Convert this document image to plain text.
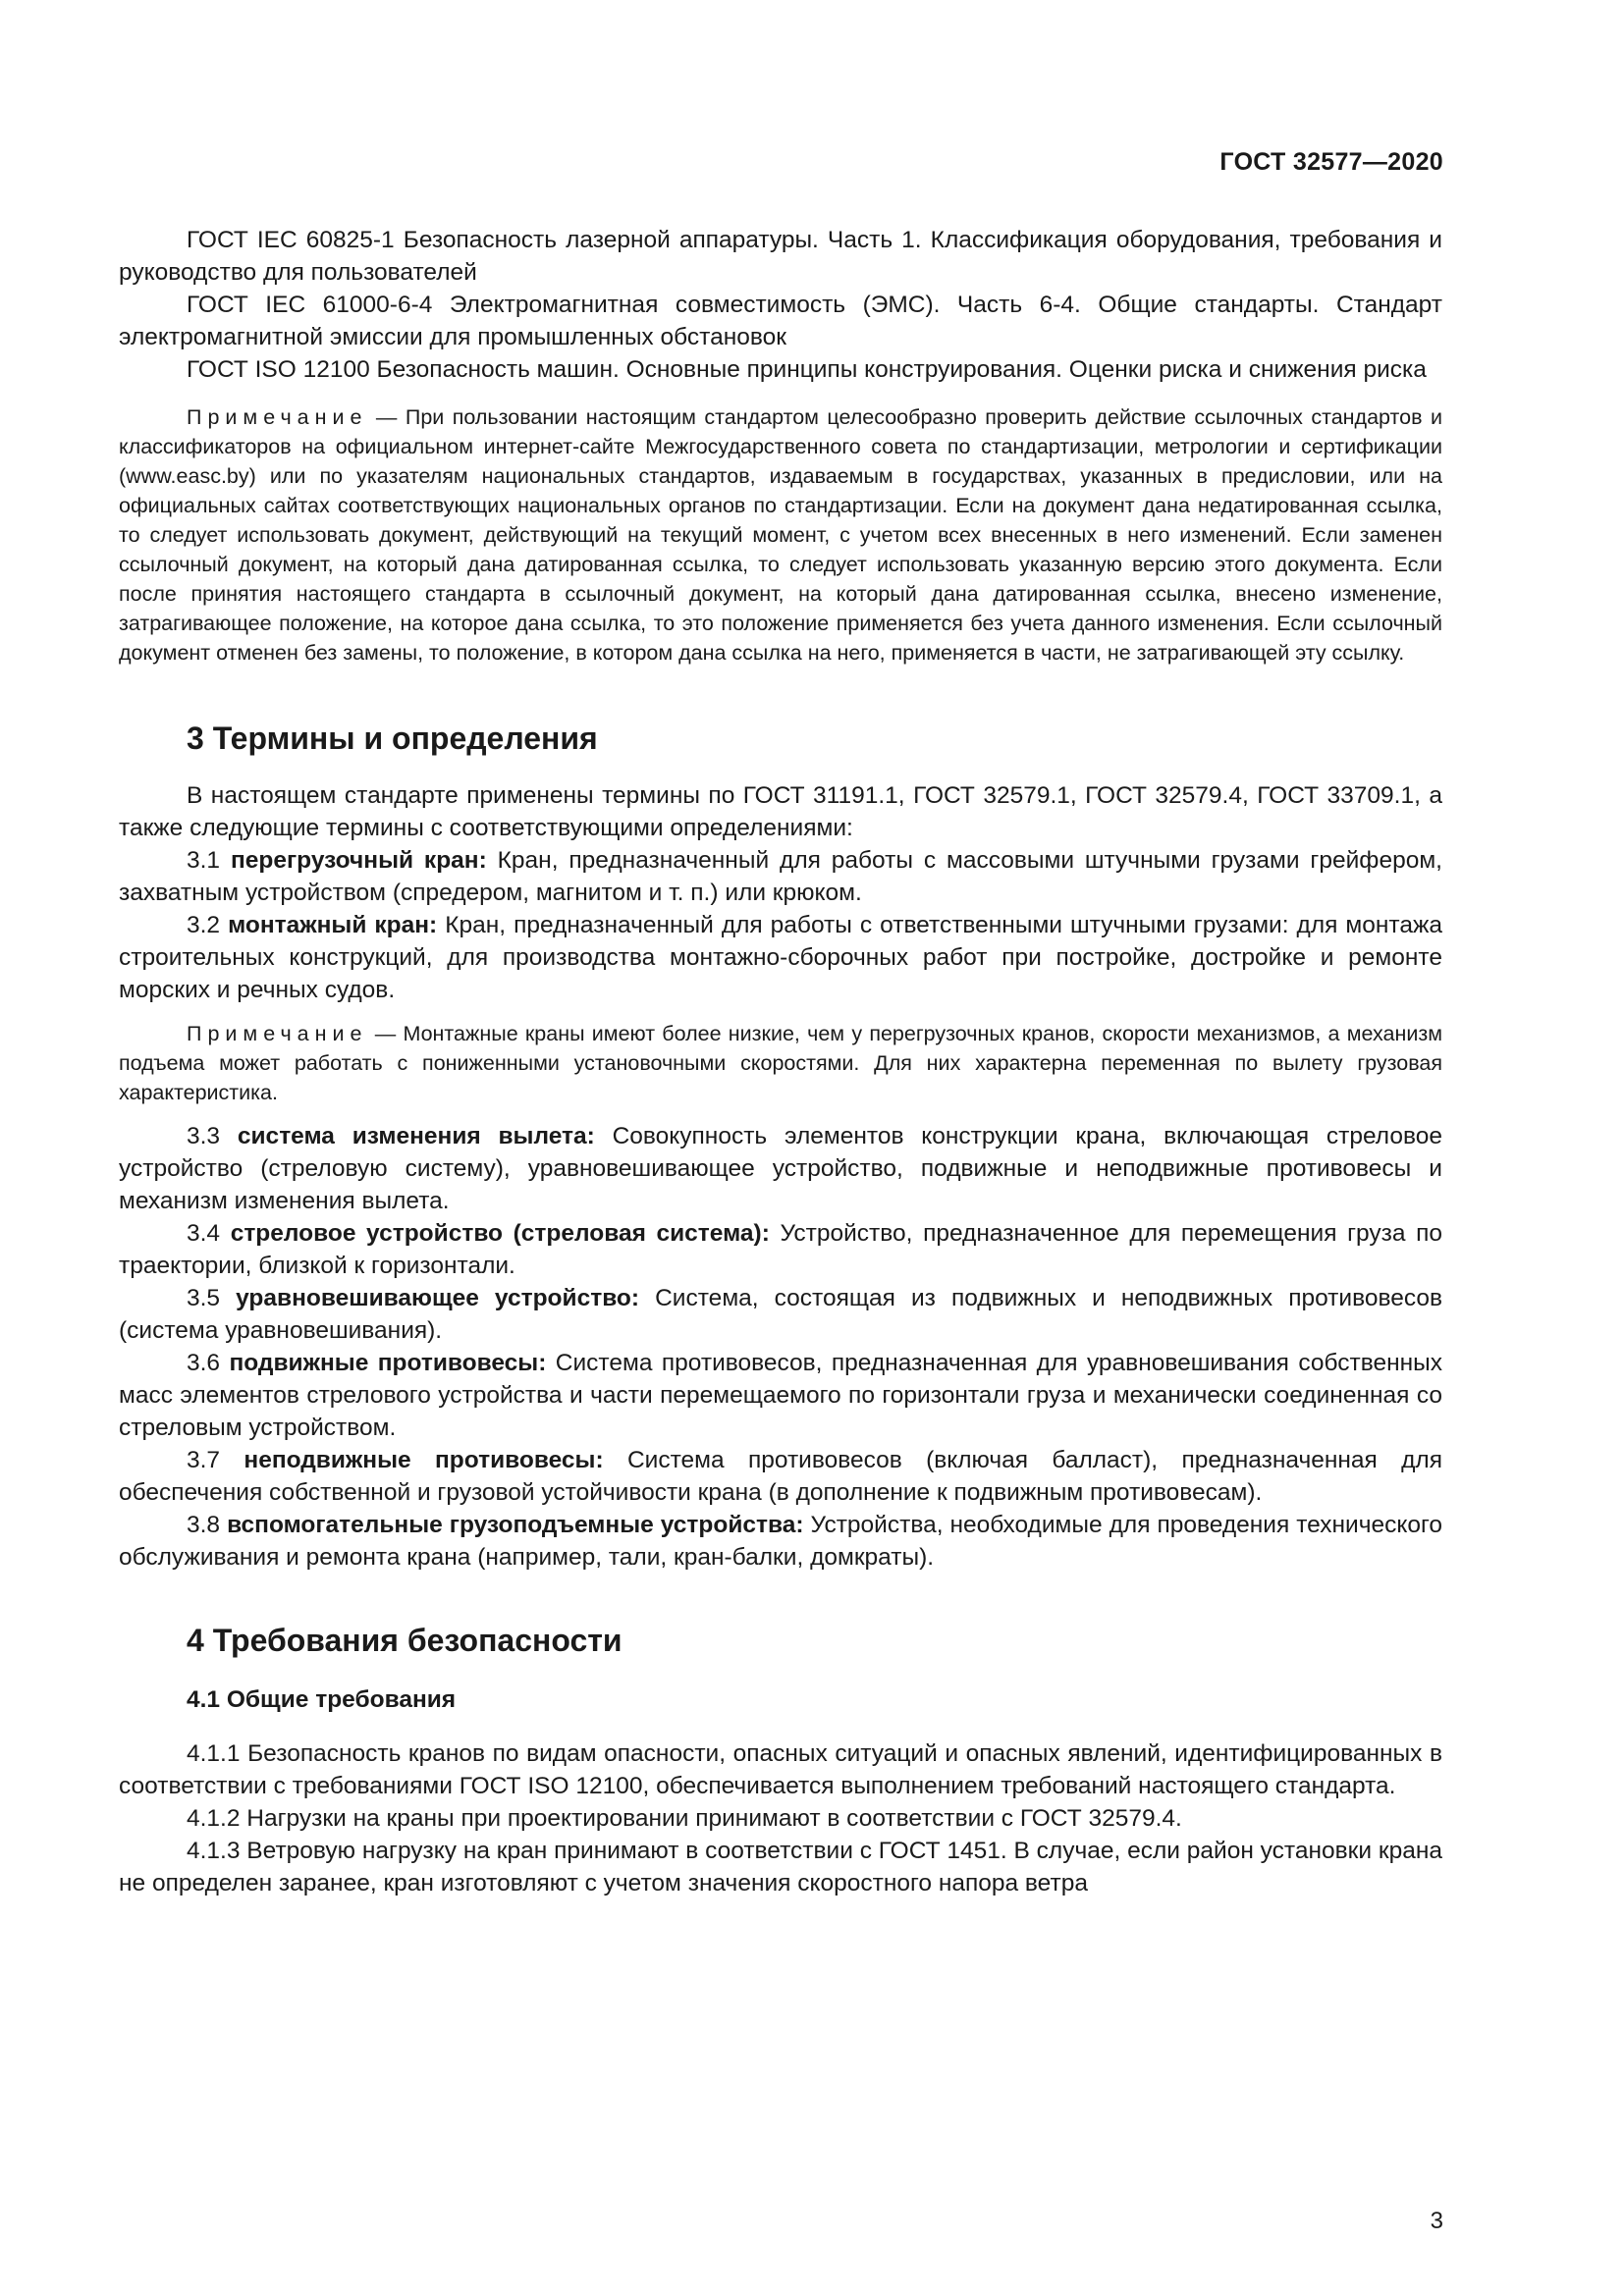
ГОСТ 32577—2020

ГОСТ IEC 60825-1 Безопасность лазерной аппаратуры. Часть 1. Классификация оборудования, требования и руководство для пользователей

ГОСТ IEC 61000-6-4 Электромагнитная совместимость (ЭМС). Часть 6-4. Общие стандарты. Стандарт электромагнитной эмиссии для промышленных обстановок

ГОСТ ISO 12100 Безопасность машин. Основные принципы конструирования. Оценки риска и снижения риска

Примечание — При пользовании настоящим стандартом целесообразно проверить действие ссылочных стандартов и классификаторов на официальном интернет-сайте Межгосударственного совета по стандартизации, метрологии и сертификации (www.easc.by) или по указателям национальных стандартов, издаваемым в государствах, указанных в предисловии, или на официальных сайтах соответствующих национальных органов по стандартизации. Если на документ дана недатированная ссылка, то следует использовать документ, действующий на текущий момент, с учетом всех внесенных в него изменений. Если заменен ссылочный документ, на который дана датированная ссылка, то следует использовать указанную версию этого документа. Если после принятия настоящего стандарта в ссылочный документ, на который дана датированная ссылка, внесено изменение, затрагивающее положение, на которое дана ссылка, то это положение применяется без учета данного изменения. Если ссылочный документ отменен без замены, то положение, в котором дана ссылка на него, применяется в части, не затрагивающей эту ссылку.

3 Термины и определения

В настоящем стандарте применены термины по ГОСТ 31191.1, ГОСТ 32579.1, ГОСТ 32579.4, ГОСТ 33709.1, а также следующие термины с соответствующими определениями:

3.1 перегрузочный кран: Кран, предназначенный для работы с массовыми штучными грузами грейфером, захватным устройством (спредером, магнитом и т. п.) или крюком.

3.2 монтажный кран: Кран, предназначенный для работы с ответственными штучными грузами: для монтажа строительных конструкций, для производства монтажно-сборочных работ при постройке, достройке и ремонте морских и речных судов.

Примечание — Монтажные краны имеют более низкие, чем у перегрузочных кранов, скорости механизмов, а механизм подъема может работать с пониженными установочными скоростями. Для них характерна переменная по вылету грузовая характеристика.

3.3 система изменения вылета: Совокупность элементов конструкции крана, включающая стреловое устройство (стреловую систему), уравновешивающее устройство, подвижные и неподвижные противовесы и механизм изменения вылета.

3.4 стреловое устройство (стреловая система): Устройство, предназначенное для перемещения груза по траектории, близкой к горизонтали.

3.5 уравновешивающее устройство: Система, состоящая из подвижных и неподвижных противовесов (система уравновешивания).

3.6 подвижные противовесы: Система противовесов, предназначенная для уравновешивания собственных масс элементов стрелового устройства и части перемещаемого по горизонтали груза и механически соединенная со стреловым устройством.

3.7 неподвижные противовесы: Система противовесов (включая балласт), предназначенная для обеспечения собственной и грузовой устойчивости крана (в дополнение к подвижным противовесам).

3.8 вспомогательные грузоподъемные устройства: Устройства, необходимые для проведения технического обслуживания и ремонта крана (например, тали, кран-балки, домкраты).

4 Требования безопасности
4.1 Общие требования

4.1.1 Безопасность кранов по видам опасности, опасных ситуаций и опасных явлений, идентифицированных в соответствии с требованиями ГОСТ ISO 12100, обеспечивается выполнением требований настоящего стандарта.

4.1.2 Нагрузки на краны при проектировании принимают в соответствии с ГОСТ 32579.4.

4.1.3 Ветровую нагрузку на кран принимают в соответствии с ГОСТ 1451. В случае, если район установки крана не определен заранее, кран изготовляют с учетом значения скоростного напора ветра

3
